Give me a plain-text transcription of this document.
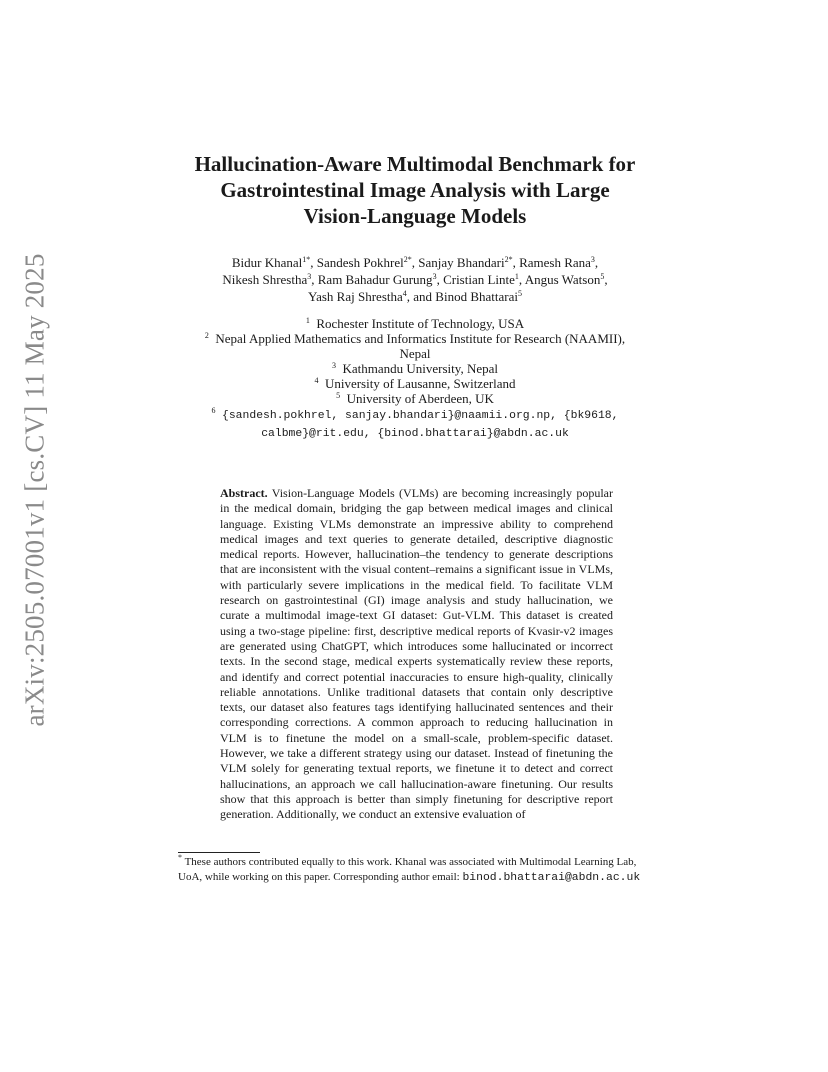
arXiv:2505.07001v1 [cs.CV] 11 May 2025
Hallucination-Aware Multimodal Benchmark for
Gastrointestinal Image Analysis with Large
Vision-Language Models
Bidur Khanal$^{1*}$, Sandesh Pokhrel$^{2*}$, Sanjay Bhandari$^{2*}$, Ramesh Rana$^3$,
Nikesh Shrestha$^3$, Ram Bahadur Gurung$^3$, Cristian Linte$^1$, Angus Watson$^5$,
Yash Raj Shrestha$^4$, and Binod Bhattarai$^5$
$^1$ Rochester Institute of Technology, USA
$^2$ Nepal Applied Mathematics and Informatics Institute for Research (NAAMII),
Nepal
$^3$ Kathmandu University, Nepal
$^4$ University of Lausanne, Switzerland
$^5$ University of Aberdeen, UK
$^6$ {sandesh.pokhrel, sanjay.bhandari}@naamii.org.np, {bk9618,
calbme}@rit.edu, {binod.bhattarai}@abdn.ac.uk
Abstract. Vision-Language Models (VLMs) are becoming increasingly popular in the medical domain, bridging the gap between medical images and clinical language. Existing VLMs demonstrate an impressive ability to comprehend medical images and text queries to generate detailed, descriptive diagnostic medical reports. However, hallucination–the tendency to generate descriptions that are inconsistent with the visual content–remains a significant issue in VLMs, with particularly severe implications in the medical field. To facilitate VLM research on gastrointestinal (GI) image analysis and study hallucination, we curate a multimodal image-text GI dataset: Gut-VLM. This dataset is created using a two-stage pipeline: first, descriptive medical reports of Kvasir-v2 images are generated using ChatGPT, which introduces some hallucinated or incorrect texts. In the second stage, medical experts systematically review these reports, and identify and correct potential inaccuracies to ensure high-quality, clinically reliable annotations. Unlike traditional datasets that contain only descriptive texts, our dataset also features tags identifying hallucinated sentences and their corresponding corrections. A common approach to reducing hallucination in VLM is to finetune the model on a small-scale, problem-specific dataset. However, we take a different strategy using our dataset. Instead of finetuning the VLM solely for generating textual reports, we finetune it to detect and correct hallucinations, an approach we call hallucination-aware finetuning. Our results show that this approach is better than simply finetuning for descriptive report generation. Additionally, we conduct an extensive evaluation of
* These authors contributed equally to this work. Khanal was associated with Multimodal Learning Lab, UoA, while working on this paper. Corresponding author email: binod.bhattarai@abdn.ac.uk
